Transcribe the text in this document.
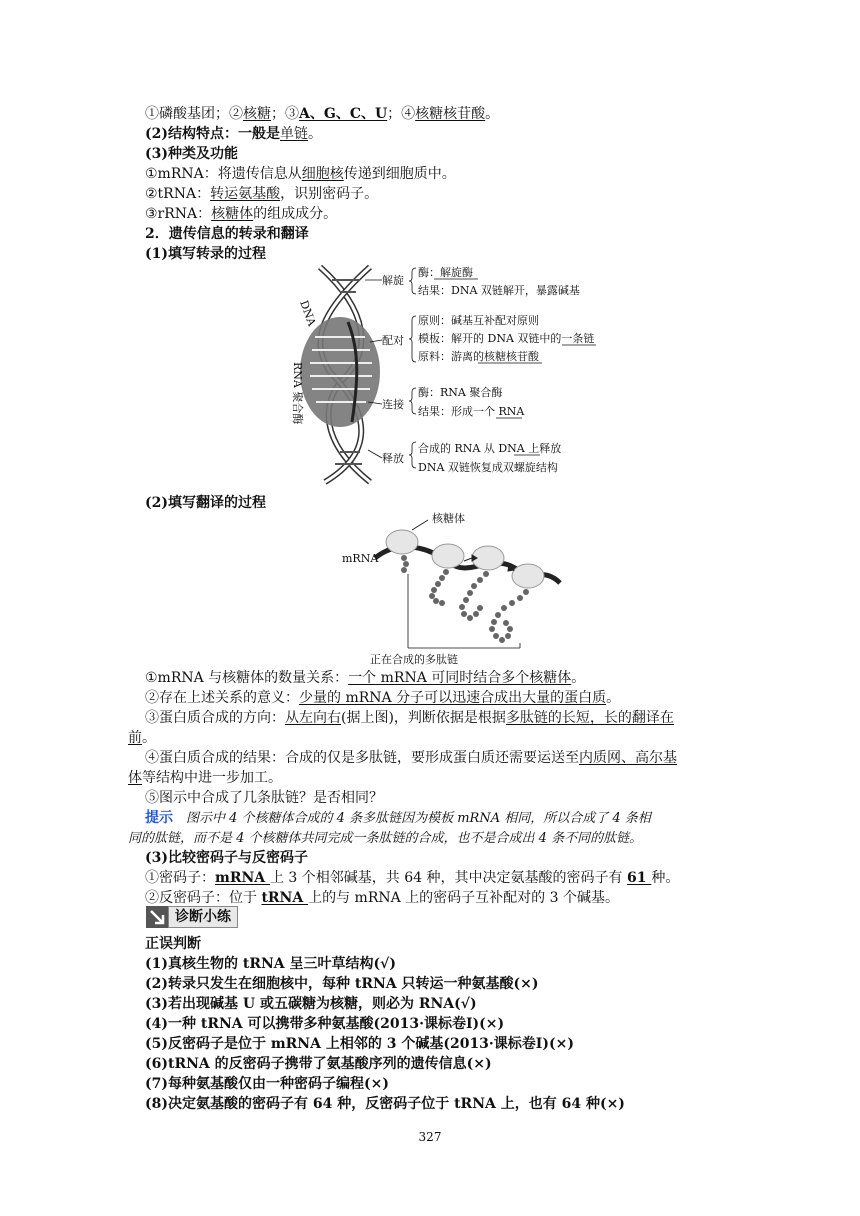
①磷酸基团；②核糖；③A、G、C、U；④核糖核苷酸。
(2)结构特点：一般是单链。
(3)种类及功能
①mRNA：将遗传信息从细胞核传递到细胞质中。
②tRNA：转运氨基酸，识别密码子。
③rRNA：核糖体的组成成分。
2．遗传信息的转录和翻译
(1)填写转录的过程
DNA
RNA 聚合酶
解旋
酶：解旋酶
结果：DNA 双链解开，暴露碱基
配对
原则：碱基互补配对原则
模板：解开的 DNA 双链中的一条链
原料：游离的核糖核苷酸
连接
酶：RNA 聚合酶
结果：形成一个 RNA
释放
合成的 RNA 从 DNA 上释放
DNA 双链恢复成双螺旋结构
(2)填写翻译的过程
核糖体
mRNA
正在合成的多肽链
①mRNA 与核糖体的数量关系：一个 mRNA 可同时结合多个核糖体。
②存在上述关系的意义：少量的 mRNA 分子可以迅速合成出大量的蛋白质。
③蛋白质合成的方向：从左向右(据上图)，判断依据是根据多肽链的长短，长的翻译在
前。
④蛋白质合成的结果：合成的仅是多肽链，要形成蛋白质还需要运送至内质网、高尔基
体等结构中进一步加工。
⑤图示中合成了几条肽链？是否相同？
提示　图示中 4 个核糖体合成的 4 条多肽链因为模板 mRNA 相同，所以合成了 4 条相
同的肽链，而不是 4 个核糖体共同完成一条肽链的合成，也不是合成出 4 条不同的肽链。
(3)比较密码子与反密码子
①密码子：mRNA 上 3 个相邻碱基，共 64 种，其中决定氨基酸的密码子有 61 种。
②反密码子：位于 tRNA 上的与 mRNA 上的密码子互补配对的 3 个碱基。
诊断小练
正误判断
(1)真核生物的 tRNA 呈三叶草结构(√)
(2)转录只发生在细胞核中，每种 tRNA 只转运一种氨基酸(×)
(3)若出现碱基 U 或五碳糖为核糖，则必为 RNA(√)
(4)一种 tRNA 可以携带多种氨基酸(2013·课标卷Ⅰ)(×)
(5)反密码子是位于 mRNA 上相邻的 3 个碱基(2013·课标卷Ⅰ)(×)
(6)tRNA 的反密码子携带了氨基酸序列的遗传信息(×)
(7)每种氨基酸仅由一种密码子编程(×)
(8)决定氨基酸的密码子有 64 种，反密码子位于 tRNA 上，也有 64 种(×)
327
